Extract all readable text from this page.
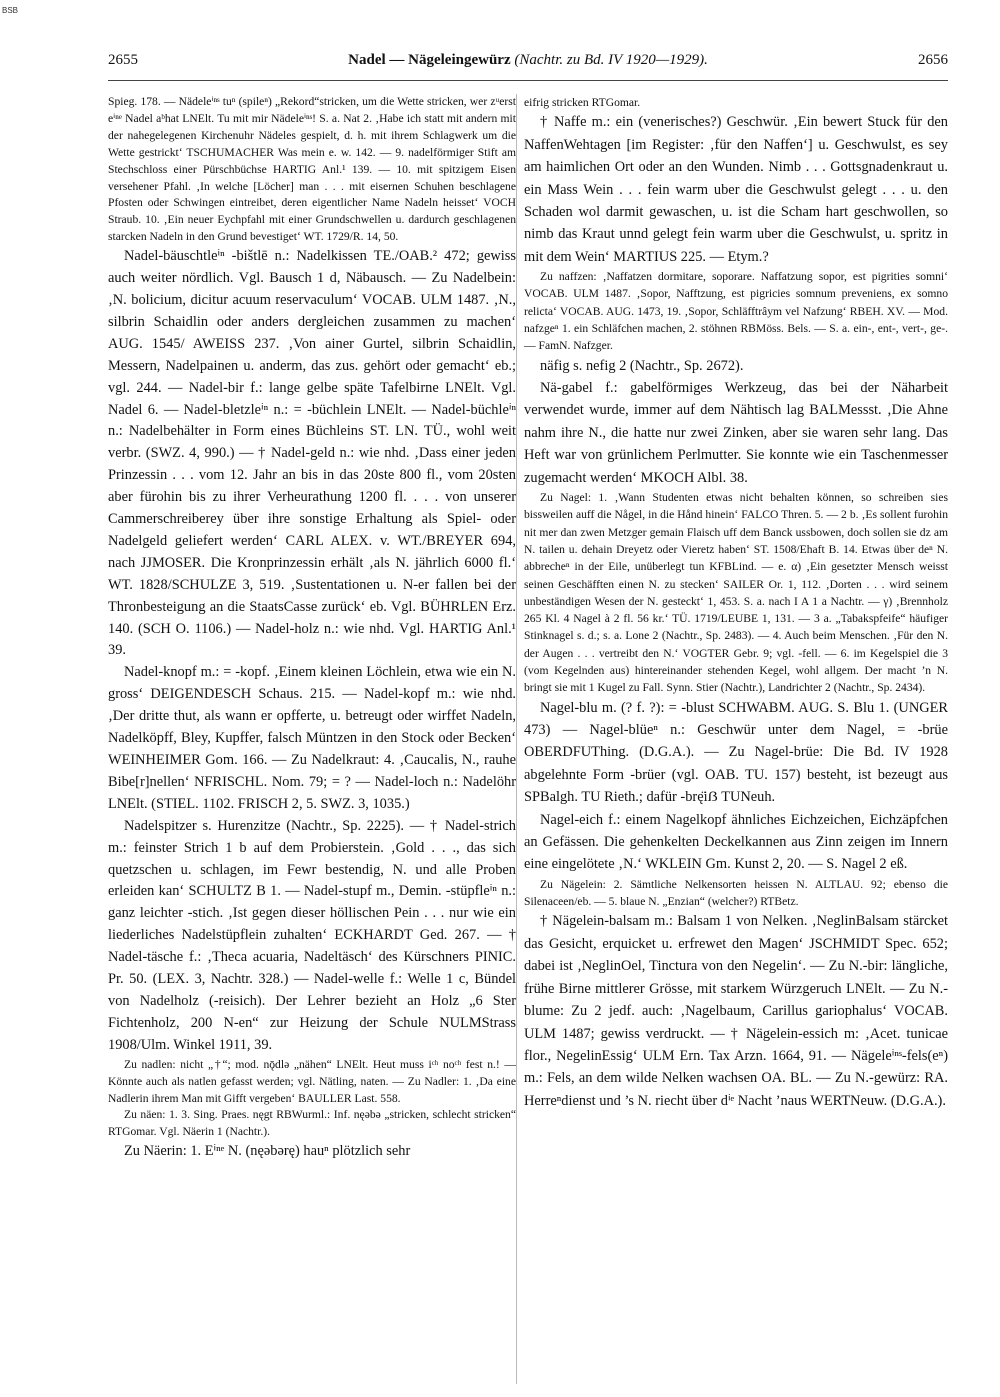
BSB
2655	Nadel — Nägeleingewürz (Nachtr. zu Bd. IV 1920—1929).	2656

Spieg. 178. — Nädeleⁱⁿˢ tuⁿ (spileⁿ) „Rekord“stricken, um die Wette stricken, wer zᵘerst eⁱⁿᵉ Nadel aᵇhat LNElt. Tu mit mir Nädeleⁱⁿˢ! S. a. Nat 2. ‚Habe ich statt mit andern mit der nahegelegenen Kirchenuhr Nädeles gespielt, d. h. mit ihrem Schlagwerk um die Wette gestrickt‘ TSCHUMACHER Was mein e. w. 142. — 9. nadelförmiger Stift am Stechschloss einer Pürschbüchse HARTIG Anl.¹ 139. — 10. mit spitzigem Eisen versehener Pfahl. ‚In welche [Löcher] man . . . mit eisernen Schuhen beschlagene Pfosten oder Schwingen eintreibet, deren eigentlicher Name Nadeln heisset‘ VOCH Straub. 10. ‚Ein neuer Eychpfahl mit einer Grundschwellen u. dardurch geschlagenen starcken Nadeln in den Grund bevestiget‘ WT. 1729/R. 14, 50.

Nadel-bäuschtleⁱⁿ -bištlē n.: Nadelkissen TE./OAB.² 472; gewiss auch weiter nördlich. Vgl. Bausch 1 d, Näbausch. — Zu Nadelbein: ‚N. bolicium, dicitur acuum reservaculum‘ VOCAB. ULM 1487. ‚N., silbrin Schaidlin oder anders dergleichen zusammen zu machen‘ AUG. 1545/ AWEISS 237. ‚Von ainer Gurtel, silbrin Schaidlin, Messern, Nadelpainen u. anderm, das zus. gehört oder gemacht‘ eb.; vgl. 244. — Nadel-bir f.: lange gelbe späte Tafelbirne LNElt. Vgl. Nadel 6. — Nadel-bletzleⁱⁿ n.: = -büchlein LNElt. — Nadel-büchleⁱⁿ n.: Nadelbehälter in Form eines Büchleins ST. LN. TÜ., wohl weit verbr. (SWZ. 4, 990.) — † Nadel-geld n.: wie nhd. ‚Dass einer jeden Prinzessin . . . vom 12. Jahr an bis in das 20ste 800 fl., vom 20sten aber fürohin bis zu ihrer Verheurathung 1200 fl. . . . von unserer Cammerschreiberey über ihre sonstige Erhaltung als Spiel- oder Nadelgeld geliefert werden‘ CARL ALEX. v. WT./BREYER 694, nach JJMOSER. Die Kronprinzessin erhält ‚als N. jährlich 6000 fl.‘ WT. 1828/SCHULZE 3, 519. ‚Sustentationen u. N-er fallen bei der Thronbesteigung an die StaatsCasse zurück‘ eb. Vgl. BÜHRLEN Erz. 140. (SCH O. 1106.) — Nadel-holz n.: wie nhd. Vgl. HARTIG Anl.¹ 39.

Nadel-knopf m.: = -kopf. ‚Einem kleinen Löchlein, etwa wie ein N. gross‘ DEIGENDESCH Schaus. 215. — Nadel-kopf m.: wie nhd. ‚Der dritte thut, als wann er opfferte, u. betreugt oder wirffet Nadeln, Nadelköpff, Bley, Kupffer, falsch Müntzen in den Stock oder Becken‘ WEINHEIMER Gom. 166. — Zu Nadelkraut: 4. ‚Caucalis, N., rauhe Bibe[r]nellen‘ NFRISCHL. Nom. 79; = ? — Nadel-loch n.: Nadelöhr LNElt. (STIEL. 1102. FRISCH 2, 5. SWZ. 3, 1035.)

Nadelspitzer s. Hurenzitze (Nachtr., Sp. 2225). — † Nadel-strich m.: feinster Strich 1 b auf dem Probierstein. ‚Gold . . ., das sich quetzschen u. schlagen, im Fewr bestendig, N. und alle Proben erleiden kan‘ SCHULTZ B 1. — Nadel-stupf m., Demin. -stüpfleⁱⁿ n.: ganz leichter -stich. ‚Ist gegen dieser höllischen Pein . . . nur wie ein liederliches Nadelstüpflein zuhalten‘ ECKHARDT Ged. 267. — † Nadel-täsche f.: ‚Theca acuaria, Nadeltäsch‘ des Kürschners PINIC. Pr. 50. (LEX. 3, Nachtr. 328.) — Nadel-welle f.: Welle 1 c, Bündel von Nadelholz (-reisich). Der Lehrer bezieht an Holz „6 Ster Fichtenholz, 200 N-en“ zur Heizung der Schule NULMStrass 1908/Ulm. Winkel 1911, 39.

Zu nadlen: nicht „†“; mod. nǭdlə „nähen“ LNElt. Heut muss iᶜʰ noᶜʰ fest n.! — Könnte auch als natlen gefasst werden; vgl. Nätling, naten. — Zu Nadler: 1. ‚Da eine Nadlerin ihrem Man mit Gifft vergeben‘ BAULLER Last. 558.

Zu näen: 1. 3. Sing. Praes. nęgt RBWurml.: Inf. nęəbə „stricken, schlecht stricken“ RTGomar. Vgl. Näerin 1 (Nachtr.).

Zu Näerin: 1. Eⁱⁿᵉ N. (nęəbərę) hauⁿ plötzlich sehr

eifrig stricken RTGomar.

† Naffe m.: ein (venerisches?) Geschwür. ‚Ein bewert Stuck für den NaffenWehtagen [im Register: ‚für den Naffen‘] u. Geschwulst, es sey am haimlichen Ort oder an den Wunden. Nimb . . . Gottsgnadenkraut u. ein Mass Wein . . . fein warm uber die Geschwulst gelegt . . . u. den Schaden wol darmit gewaschen, u. ist die Scham hart geschwollen, so nimb das Kraut unnd gelegt fein warm uber die Geschwulst, u. spritz in mit dem Wein‘ MARTIUS 225. — Etym.?

Zu naffzen: ‚Naffatzen dormitare, soporare. Naffatzung sopor, est pigrities somni‘ VOCAB. ULM 1487. ‚Sopor, Nafftzung, est pigricies somnum preveniens, ex somno relicta‘ VOCAB. AUG. 1473, 19. ‚Sopor, Schläfftrâym vel Nafzung‘ RBEH. XV. — Mod. nafzgeⁿ 1. ein Schläfchen machen, 2. stöhnen RBMöss. Bels. — S. a. ein-, ent-, vert-, ge-. — FamN. Nafzger.

näfig s. nefig 2 (Nachtr., Sp. 2672).

Nä-gabel f.: gabelförmiges Werkzeug, das bei der Näharbeit verwendet wurde, immer auf dem Nähtisch lag BALMessst. ‚Die Ahne nahm ihre N., die hatte nur zwei Zinken, aber sie waren sehr lang. Das Heft war von grünlichem Perlmutter. Sie konnte wie ein Taschenmesser zugemacht werden‘ MKOCH Albl. 38.

Zu Nagel: 1. ‚Wann Studenten etwas nicht behalten können, so schreiben sies bissweilen auff die Någel, in die Hånd hinein‘ FALCO Thren. 5. — 2 b. ‚Es sollent furohin nit mer dan zwen Metzger gemain Flaisch uff dem Banck ussbowen, doch sollen sie dz am N. tailen u. dehain Dreyetz oder Vieretz haben‘ ST. 1508/Ehaft B. 14. Etwas über deⁿ N. abbrecheⁿ in der Eile, unüberlegt tun KFBLind. — e. α) ‚Ein gesetzter Mensch weisst seinen Geschäfften einen N. zu stecken‘ SAILER Or. 1, 112. ‚Dorten . . . wird seinem unbeständigen Wesen der N. gesteckt‘ 1, 453. S. a. nach I A 1 a Nachtr. — γ) ‚Brennholz 265 Kl. 4 Nagel à 2 fl. 56 kr.‘ TÜ. 1719/LEUBE 1, 131. — 3 a. „Tabakspfeife“ häufiger Stinknagel s. d.; s. a. Lone 2 (Nachtr., Sp. 2483). — 4. Auch beim Menschen. ‚Für den N. der Augen . . . vertreibt den N.‘ VOGTER Gebr. 9; vgl. -fell. — 6. im Kegelspiel die 3 (vom Kegelnden aus) hintereinander stehenden Kegel, wohl allgem. Der macht ’n N. bringt sie mit 1 Kugel zu Fall. Synn. Stier (Nachtr.), Landrichter 2 (Nachtr., Sp. 2434).

Nagel-blu m. (? f. ?): = -blust SCHWABM. AUG. S. Blu 1. (UNGER 473) — Nagel-blüeⁿ n.: Geschwür unter dem Nagel, = -brüe OBERDFUThing. (D.G.A.). — Zu Nagel-brüe: Die Bd. IV 1928 abgelehnte Form -brüer (vgl. OAB. TU. 157) besteht, ist bezeugt aus SPBalgh. TU Rieth.; dafür -brę̈iẞ TUNeuh.

Nagel-eich f.: einem Nagelkopf ähnliches Eichzeichen, Eichzäpfchen an Gefässen. Die gehenkelten Deckelkannen aus Zinn zeigen im Innern eine eingelötete ‚N.‘ WKLEIN Gm. Kunst 2, 20. — S. Nagel 2 eß.

Zu Nägelein: 2. Sämtliche Nelkensorten heissen N. ALTLAU. 92; ebenso die Silenaceen/eb. — 5. blaue N. „Enzian“ (welcher?) RTBetz.

† Nägelein-balsam m.: Balsam 1 von Nelken. ‚NeglinBalsam stärcket das Gesicht, erquicket u. erfrewet den Magen‘ JSCHMIDT Spec. 652; dabei ist ‚NeglinOel, Tinctura von den Negelin‘. — Zu N.-bir: längliche, frühe Birne mittlerer Grösse, mit starkem Würzgeruch LNElt. — Zu N.-blume: Zu 2 jedf. auch: ‚Nagelbaum, Carillus gariophalus‘ VOCAB. ULM 1487; gewiss verdruckt. — † Nägelein-essich m: ‚Acet. tunicae flor., NegelinEssig‘ ULM Ern. Tax Arzn. 1664, 91. — Nägeleⁱⁿˢ-fels(eⁿ) m.: Fels, an dem wilde Nelken wachsen OA. BL. — Zu N.-gewürz: RA. Herreⁿdienst und ’s N. riecht über dⁱᵉ Nacht ’naus WERTNeuw. (D.G.A.).
